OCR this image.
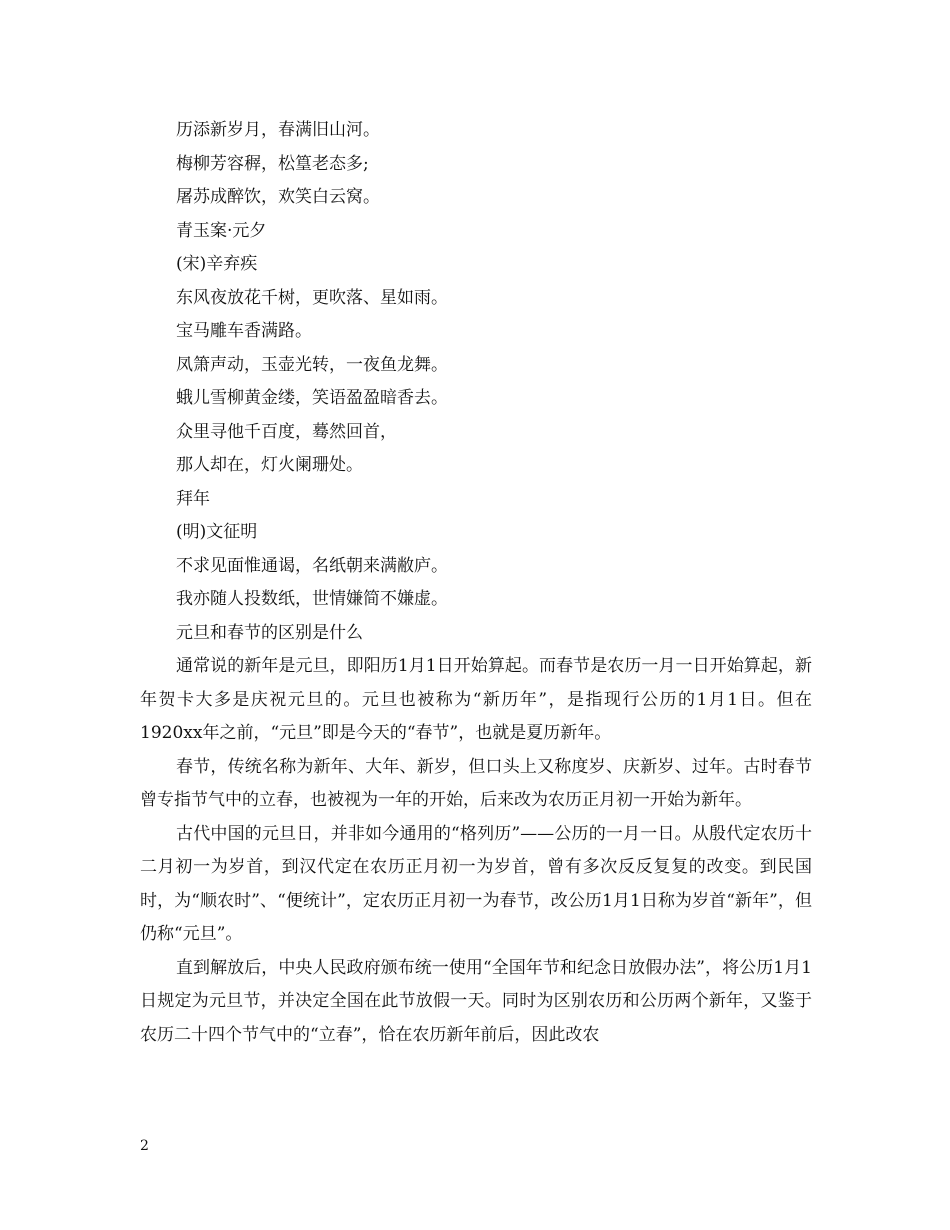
历添新岁月，春满旧山河。
梅柳芳容稺，松篁老态多;
屠苏成醉饮，欢笑白云窝。
青玉案·元夕
(宋)辛弃疾
东风夜放花千树，更吹落、星如雨。
宝马雕车香满路。
凤箫声动，玉壶光转，一夜鱼龙舞。
蛾儿雪柳黄金缕，笑语盈盈暗香去。
众里寻他千百度，蓦然回首，
那人却在，灯火阑珊处。
拜年
(明)文征明
不求见面惟通谒，名纸朝来满敝庐。
我亦随人投数纸，世情嫌简不嫌虚。
元旦和春节的区别是什么

通常说的新年是元旦，即阳历1月1日开始算起。而春节是农历一月一日开始算起，新年贺卡大多是庆祝元旦的。元旦也被称为“新历年”，是指现行公历的1月1日。但在1920xx年之前，“元旦”即是今天的“春节”，也就是夏历新年。

春节，传统名称为新年、大年、新岁，但口头上又称度岁、庆新岁、过年。古时春节曾专指节气中的立春，也被视为一年的开始，后来改为农历正月初一开始为新年。

古代中国的元旦日，并非如今通用的“格列历”——公历的一月一日。从殷代定农历十二月初一为岁首，到汉代定在农历正月初一为岁首，曾有多次反反复复的改变。到民国时，为“顺农时”、“便统计”，定农历正月初一为春节，改公历1月1日称为岁首“新年”，但仍称“元旦”。

直到解放后，中央人民政府颁布统一使用“全国年节和纪念日放假办法”，将公历1月1日规定为元旦节，并决定全国在此节放假一天。同时为区别农历和公历两个新年，又鉴于农历二十四个节气中的“立春”，恰在农历新年前后，因此改农

2
